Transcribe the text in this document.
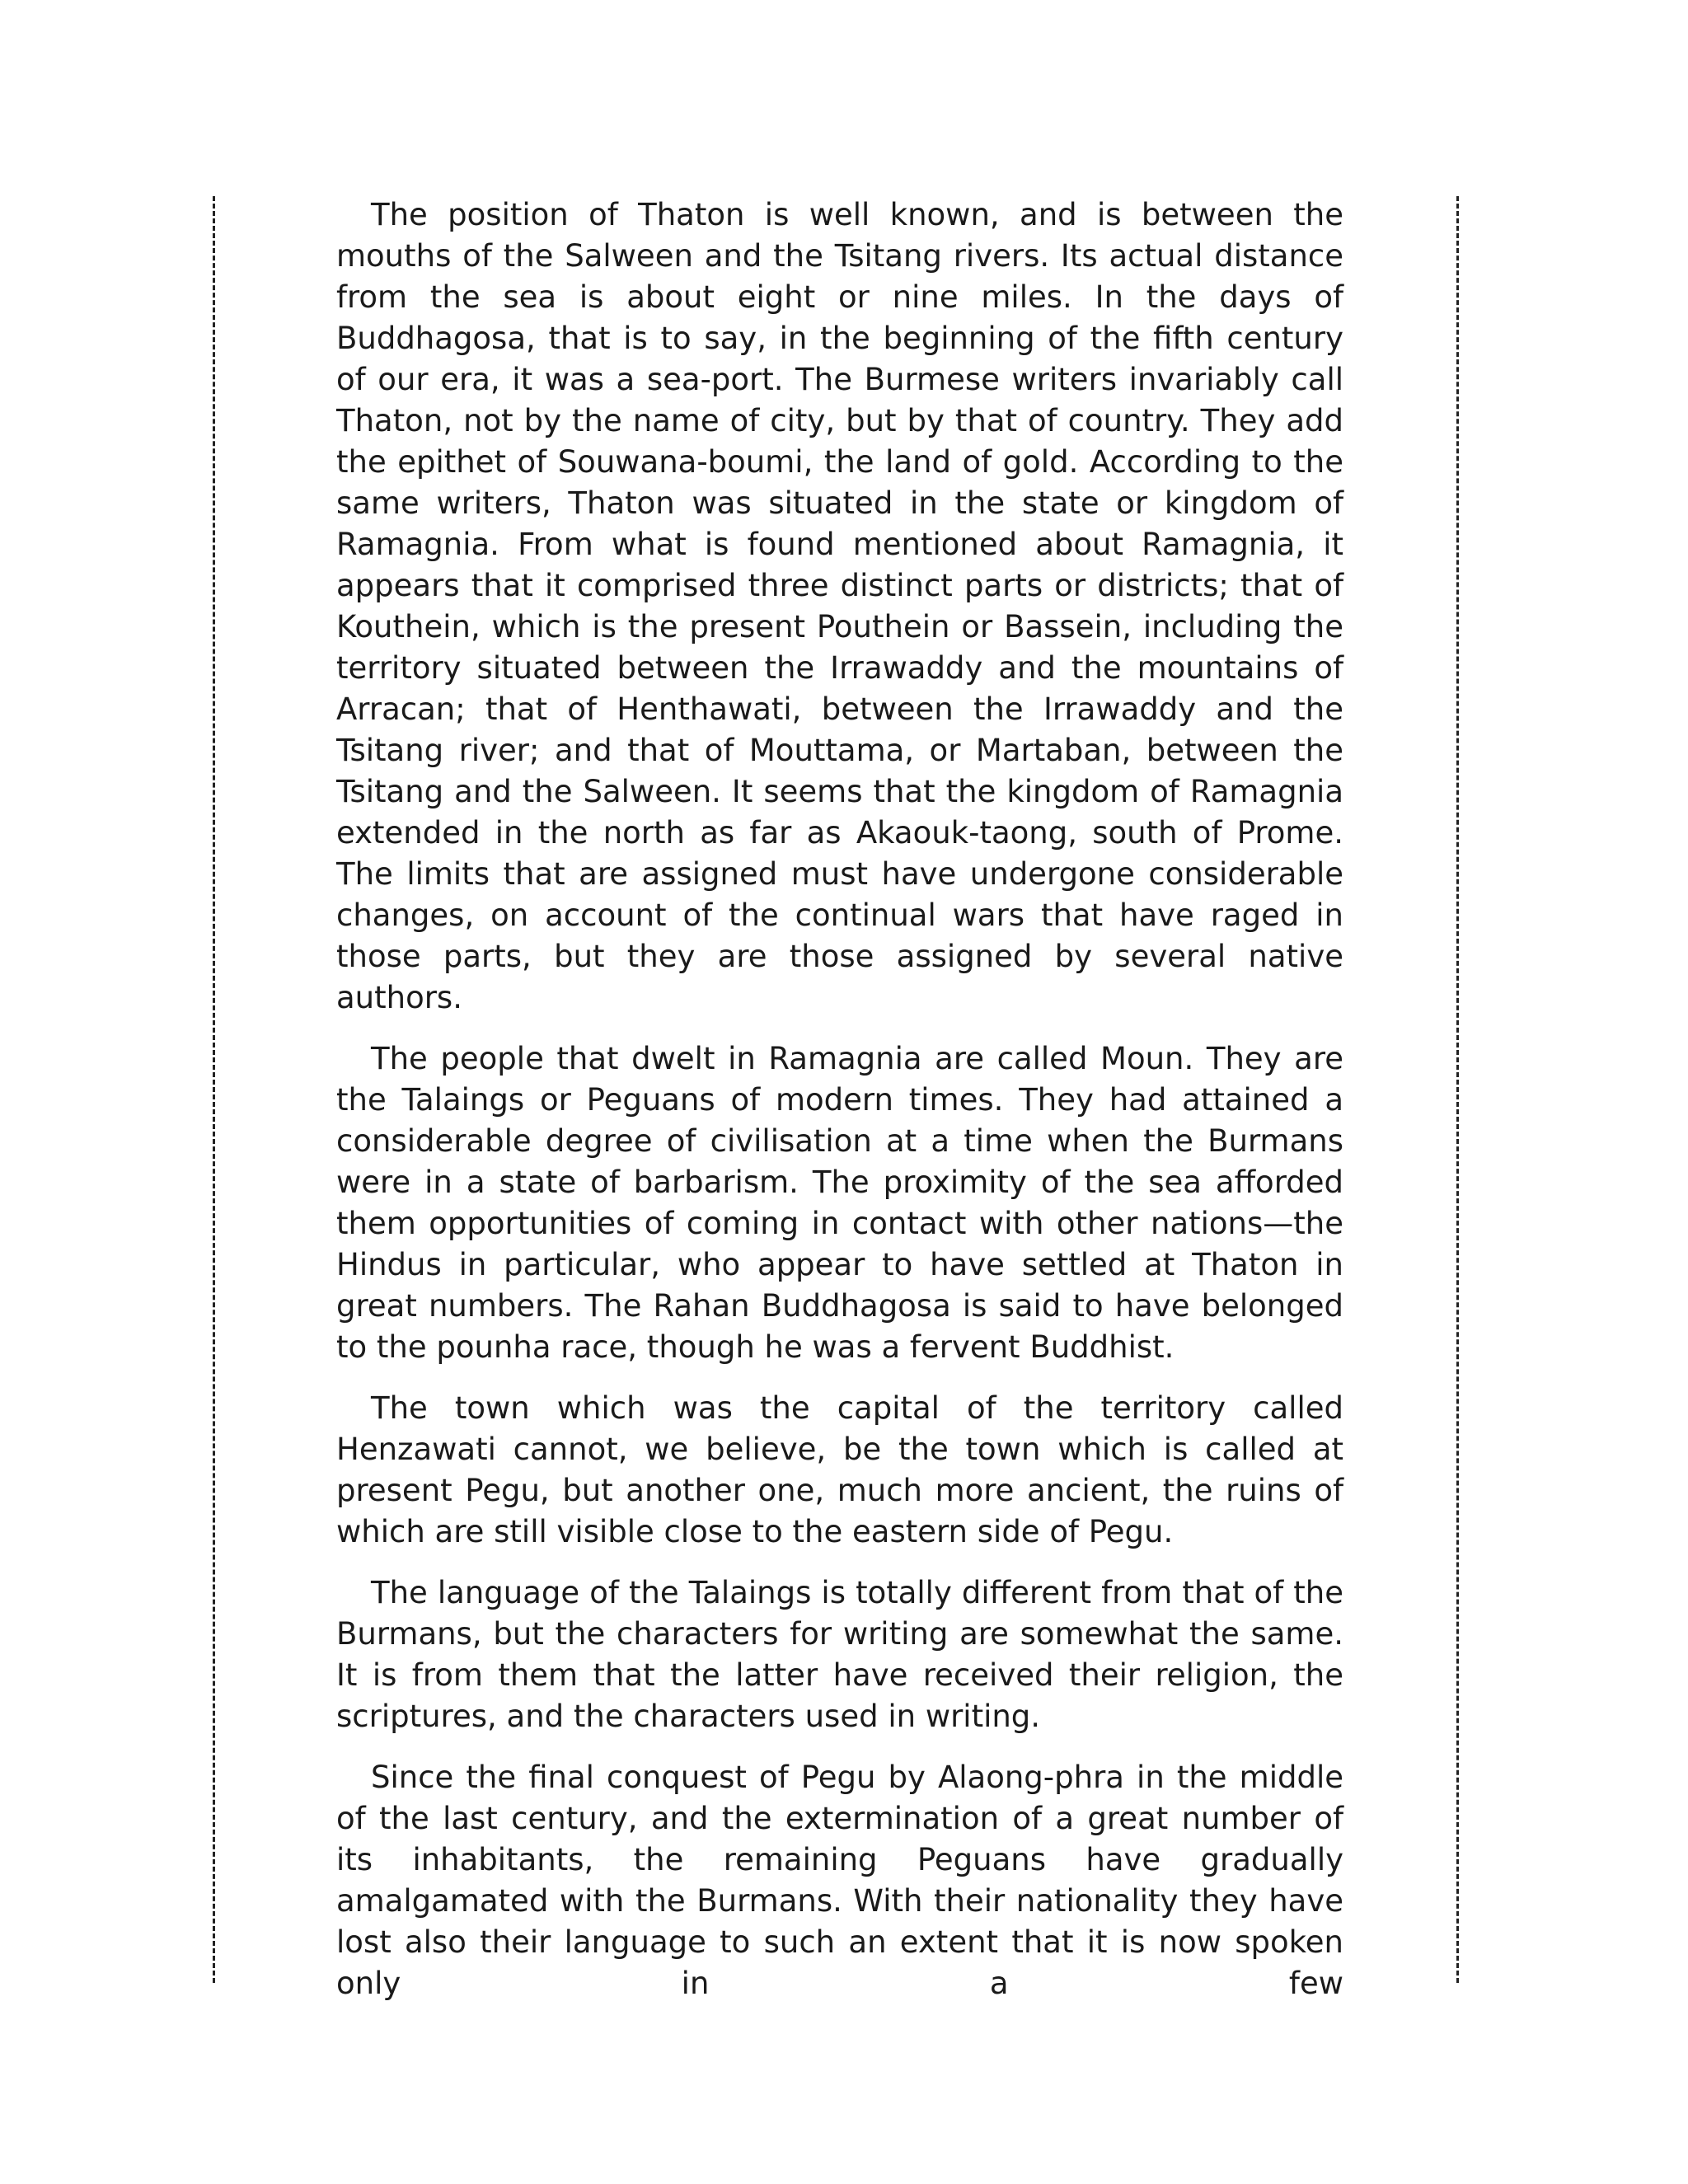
The position of Thaton is well known, and is between the mouths of the Salween and the Tsitang rivers. Its actual distance from the sea is about eight or nine miles. In the days of Buddhagosa, that is to say, in the beginning of the fifth century of our era, it was a sea-port. The Burmese writers invariably call Thaton, not by the name of city, but by that of country. They add the epithet of Souwana-boumi, the land of gold. According to the same writers, Thaton was situated in the state or kingdom of Ramagnia. From what is found mentioned about Ramagnia, it appears that it comprised three distinct parts or districts; that of Kouthein, which is the present Pouthein or Bassein, including the territory situated between the Irrawaddy and the mountains of Arracan; that of Henthawati, between the Irrawaddy and the Tsitang river; and that of Mouttama, or Martaban, between the Tsitang and the Salween. It seems that the kingdom of Ramagnia extended in the north as far as Akaouk-taong, south of Prome. The limits that are assigned must have undergone considerable changes, on account of the continual wars that have raged in those parts, but they are those assigned by several native authors.

The people that dwelt in Ramagnia are called Moun. They are the Talaings or Peguans of modern times. They had attained a considerable degree of civilisation at a time when the Burmans were in a state of barbarism. The proximity of the sea afforded them opportunities of coming in contact with other nations—the Hindus in particular, who appear to have settled at Thaton in great numbers. The Rahan Buddhagosa is said to have belonged to the pounha race, though he was a fervent Buddhist.

The town which was the capital of the territory called Henzawati cannot, we believe, be the town which is called at present Pegu, but another one, much more ancient, the ruins of which are still visible close to the eastern side of Pegu.

The language of the Talaings is totally different from that of the Burmans, but the characters for writing are somewhat the same. It is from them that the latter have received their religion, the scriptures, and the characters used in writing.

Since the final conquest of Pegu by Alaong-phra in the middle of the last century, and the extermination of a great number of its inhabitants, the remaining Peguans have gradually amalgamated with the Burmans. With their nationality they have lost also their language to such an extent that it is now spoken only in a few
